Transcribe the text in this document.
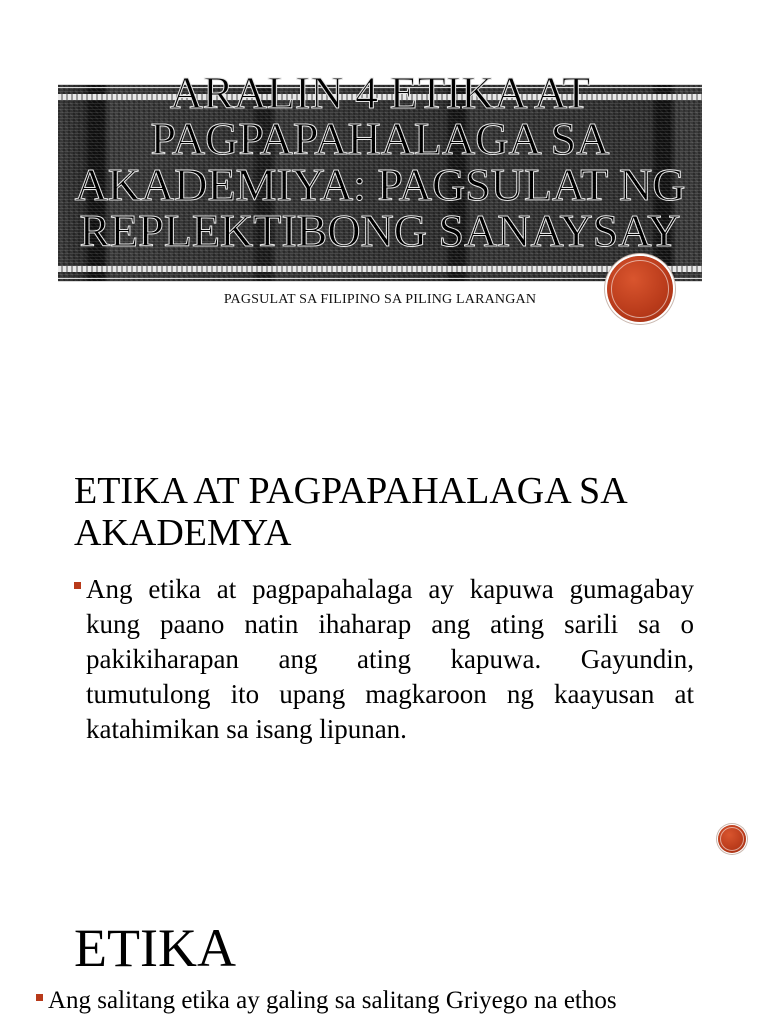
ARALIN 4 ETIKA AT PAGPAPAHALAGA SA AKADEMIYA: PAGSULAT NG REPLEKTIBONG SANAYSAY
PAGSULAT SA FILIPINO SA PILING LARANGAN
ETIKA AT PAGPAPAHALAGA SA AKADEMYA
Ang etika at pagpapahalaga ay kapuwa gumagabay kung paano natin ihaharap ang ating sarili sa o pakikiharapan ang ating kapuwa. Gayundin, tumutulong ito upang magkaroon ng kaayusan at katahimikan sa isang lipunan.
ETIKA
Ang salitang etika ay galing sa salitang Griyego na ethos
